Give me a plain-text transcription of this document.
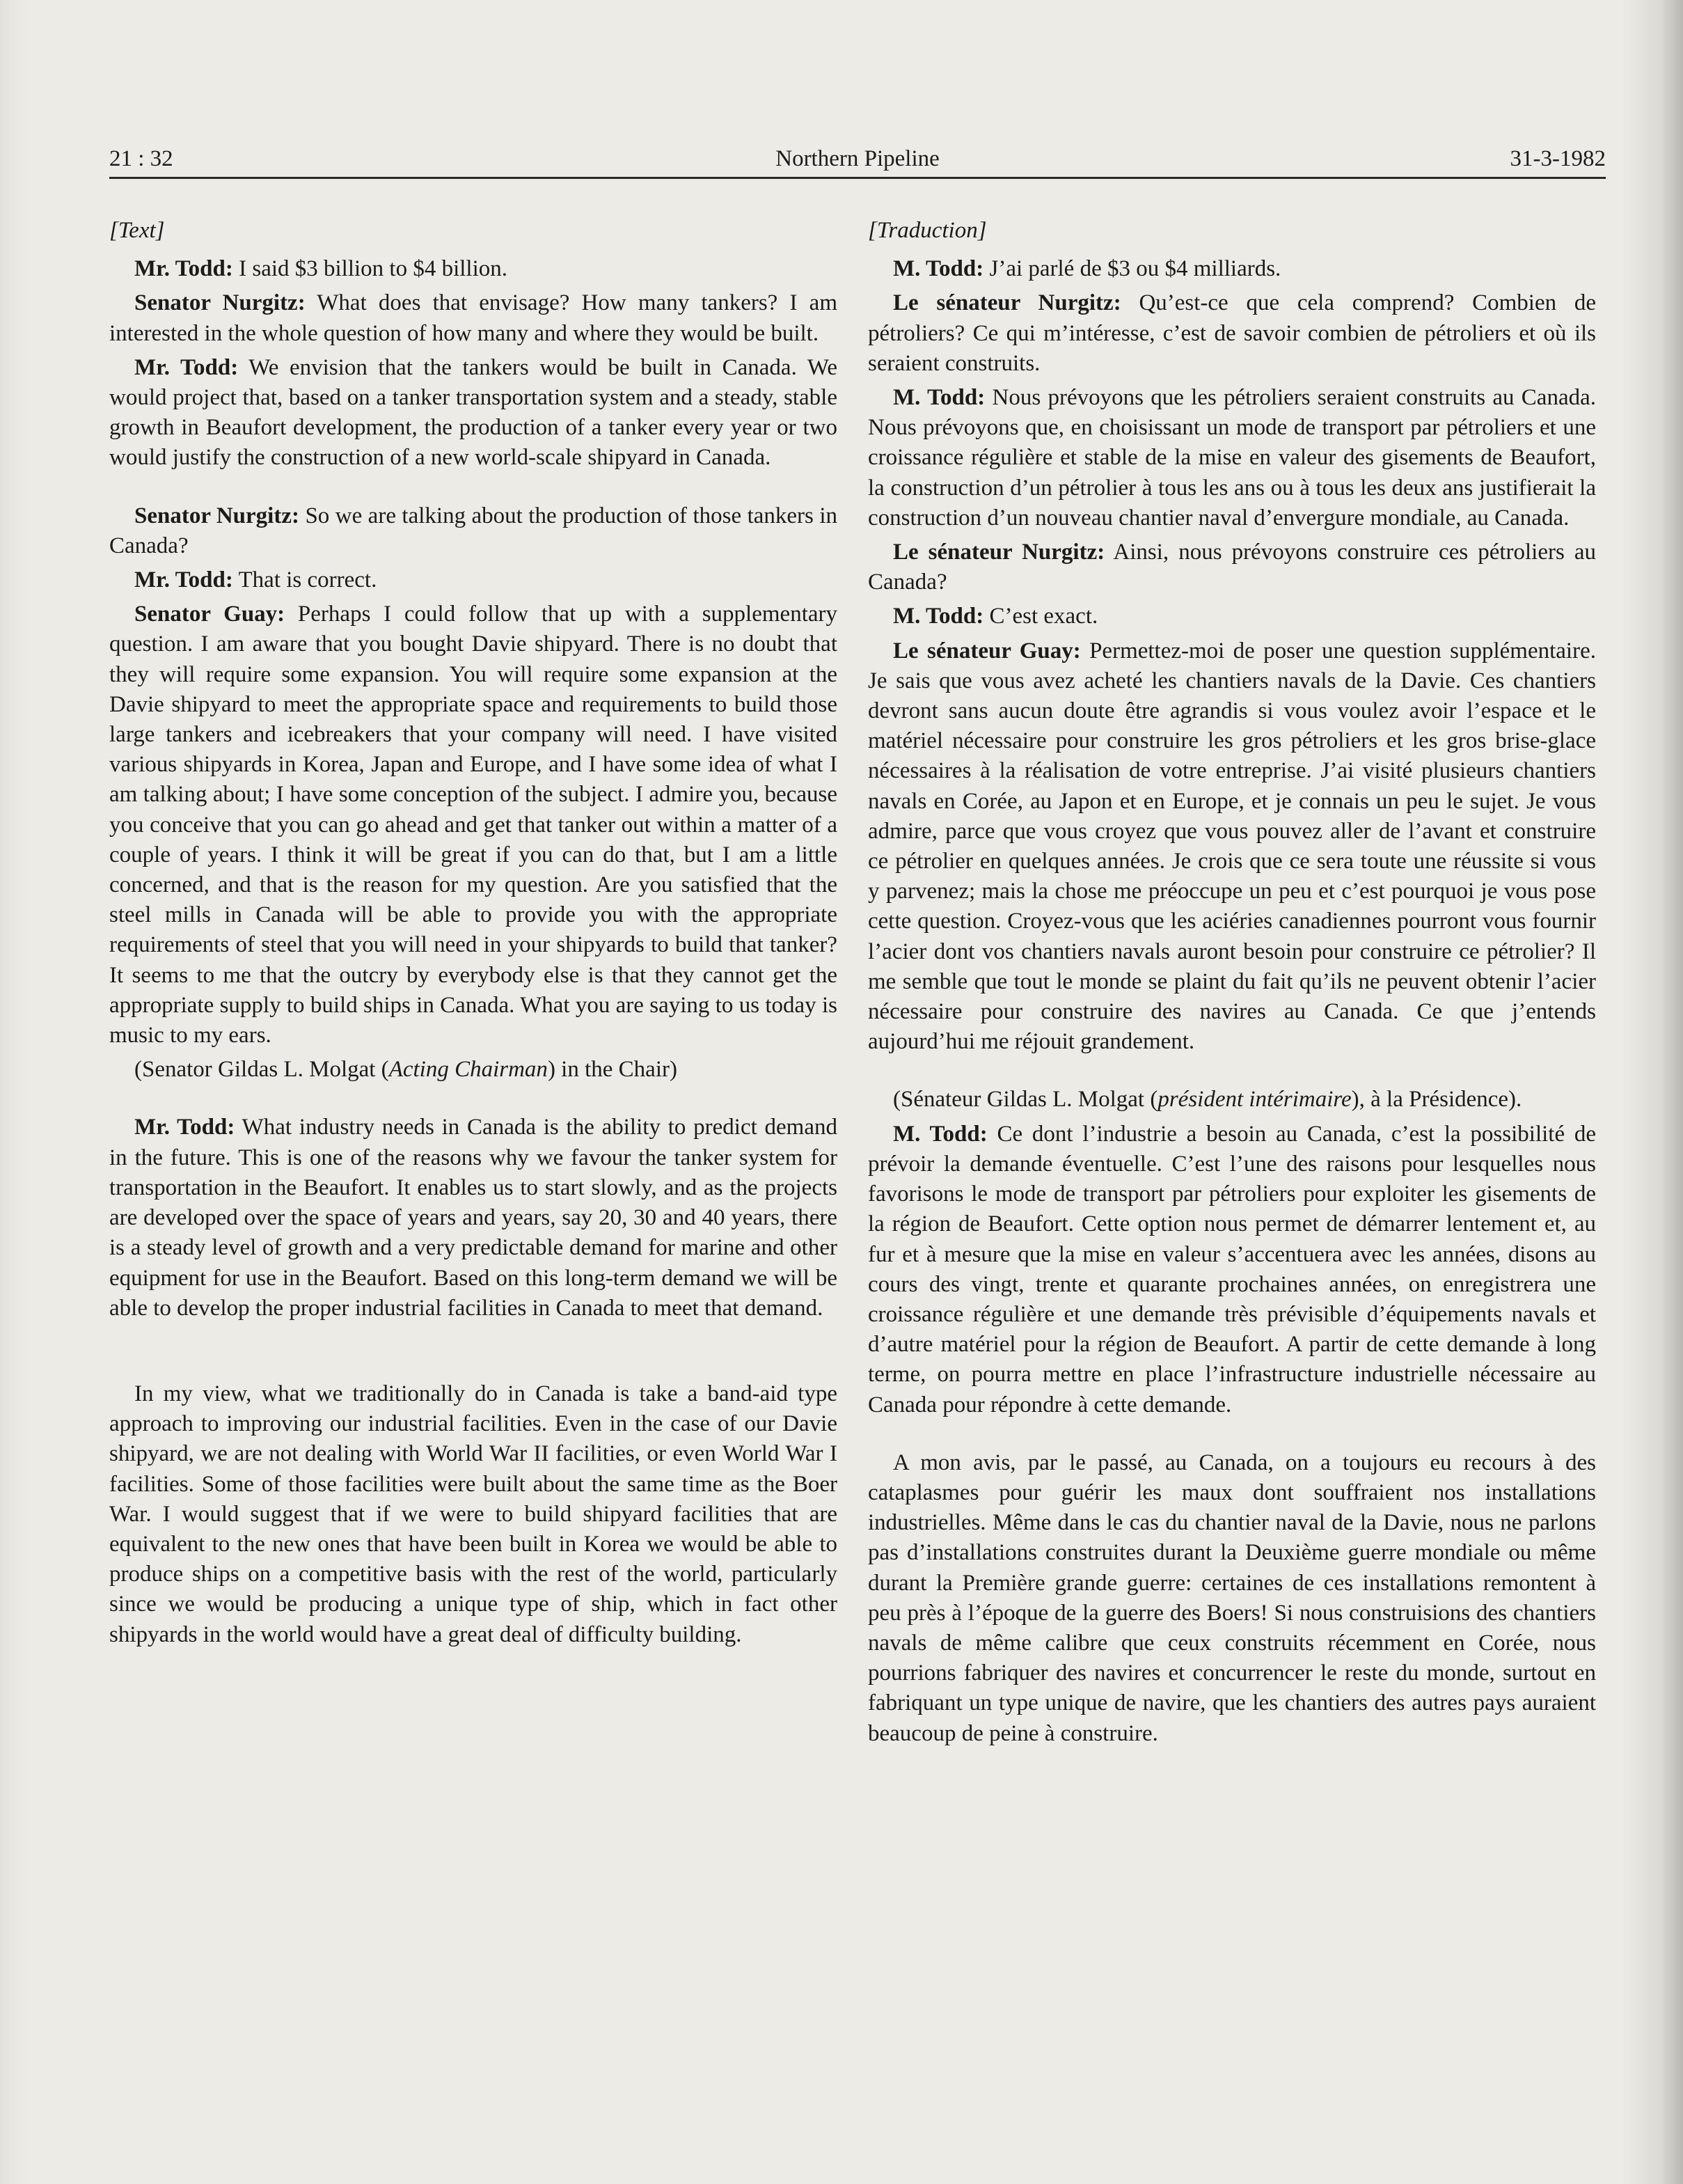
21 : 32	Northern Pipeline	31-3-1982

[Text]

Mr. Todd: I said $3 billion to $4 billion.

Senator Nurgitz: What does that envisage? How many tankers? I am interested in the whole question of how many and where they would be built.

Mr. Todd: We envision that the tankers would be built in Canada. We would project that, based on a tanker transportation system and a steady, stable growth in Beaufort development, the production of a tanker every year or two would justify the construction of a new world-scale shipyard in Canada.

Senator Nurgitz: So we are talking about the production of those tankers in Canada?

Mr. Todd: That is correct.

Senator Guay: Perhaps I could follow that up with a supplementary question. I am aware that you bought Davie shipyard. There is no doubt that they will require some expansion. You will require some expansion at the Davie shipyard to meet the appropriate space and requirements to build those large tankers and icebreakers that your company will need. I have visited various shipyards in Korea, Japan and Europe, and I have some idea of what I am talking about; I have some conception of the subject. I admire you, because you conceive that you can go ahead and get that tanker out within a matter of a couple of years. I think it will be great if you can do that, but I am a little concerned, and that is the reason for my question. Are you satisfied that the steel mills in Canada will be able to provide you with the appropriate requirements of steel that you will need in your shipyards to build that tanker? It seems to me that the outcry by everybody else is that they cannot get the appropriate supply to build ships in Canada. What you are saying to us today is music to my ears.

(Senator Gildas L. Molgat (Acting Chairman) in the Chair)

Mr. Todd: What industry needs in Canada is the ability to predict demand in the future. This is one of the reasons why we favour the tanker system for transportation in the Beaufort. It enables us to start slowly, and as the projects are developed over the space of years and years, say 20, 30 and 40 years, there is a steady level of growth and a very predictable demand for marine and other equipment for use in the Beaufort. Based on this long-term demand we will be able to develop the proper industrial facilities in Canada to meet that demand.

In my view, what we traditionally do in Canada is take a band-aid type approach to improving our industrial facilities. Even in the case of our Davie shipyard, we are not dealing with World War II facilities, or even World War I facilities. Some of those facilities were built about the same time as the Boer War. I would suggest that if we were to build shipyard facilities that are equivalent to the new ones that have been built in Korea we would be able to produce ships on a competitive basis with the rest of the world, particularly since we would be producing a unique type of ship, which in fact other shipyards in the world would have a great deal of difficulty building.

[Traduction]

M. Todd: J’ai parlé de $3 ou $4 milliards.

Le sénateur Nurgitz: Qu’est-ce que cela comprend? Combien de pétroliers? Ce qui m’intéresse, c’est de savoir combien de pétroliers et où ils seraient construits.

M. Todd: Nous prévoyons que les pétroliers seraient construits au Canada. Nous prévoyons que, en choisissant un mode de transport par pétroliers et une croissance régulière et stable de la mise en valeur des gisements de Beaufort, la construction d’un pétrolier à tous les ans ou à tous les deux ans justifierait la construction d’un nouveau chantier naval d’envergure mondiale, au Canada.

Le sénateur Nurgitz: Ainsi, nous prévoyons construire ces pétroliers au Canada?

M. Todd: C’est exact.

Le sénateur Guay: Permettez-moi de poser une question supplémentaire. Je sais que vous avez acheté les chantiers navals de la Davie. Ces chantiers devront sans aucun doute être agrandis si vous voulez avoir l’espace et le matériel nécessaire pour construire les gros pétroliers et les gros brise-glace nécessaires à la réalisation de votre entreprise. J’ai visité plusieurs chantiers navals en Corée, au Japon et en Europe, et je connais un peu le sujet. Je vous admire, parce que vous croyez que vous pouvez aller de l’avant et construire ce pétrolier en quelques années. Je crois que ce sera toute une réussite si vous y parvenez; mais la chose me préoccupe un peu et c’est pourquoi je vous pose cette question. Croyez-vous que les aciéries canadiennes pourront vous fournir l’acier dont vos chantiers navals auront besoin pour construire ce pétrolier? Il me semble que tout le monde se plaint du fait qu’ils ne peuvent obtenir l’acier nécessaire pour construire des navires au Canada. Ce que j’entends aujourd’hui me réjouit grandement.

(Sénateur Gildas L. Molgat (président intérimaire), à la Présidence).

M. Todd: Ce dont l’industrie a besoin au Canada, c’est la possibilité de prévoir la demande éventuelle. C’est l’une des raisons pour lesquelles nous favorisons le mode de transport par pétroliers pour exploiter les gisements de la région de Beaufort. Cette option nous permet de démarrer lentement et, au fur et à mesure que la mise en valeur s’accentuera avec les années, disons au cours des vingt, trente et quarante prochaines années, on enregistrera une croissance régulière et une demande très prévisible d’équipements navals et d’autre matériel pour la région de Beaufort. A partir de cette demande à long terme, on pourra mettre en place l’infrastructure industrielle nécessaire au Canada pour répondre à cette demande.

A mon avis, par le passé, au Canada, on a toujours eu recours à des cataplasmes pour guérir les maux dont souffraient nos installations industrielles. Même dans le cas du chantier naval de la Davie, nous ne parlons pas d’installations construites durant la Deuxième guerre mondiale ou même durant la Première grande guerre: certaines de ces installations remontent à peu près à l’époque de la guerre des Boers! Si nous construisions des chantiers navals de même calibre que ceux construits récemment en Corée, nous pourrions fabriquer des navires et concurrencer le reste du monde, surtout en fabriquant un type unique de navire, que les chantiers des autres pays auraient beaucoup de peine à construire.
